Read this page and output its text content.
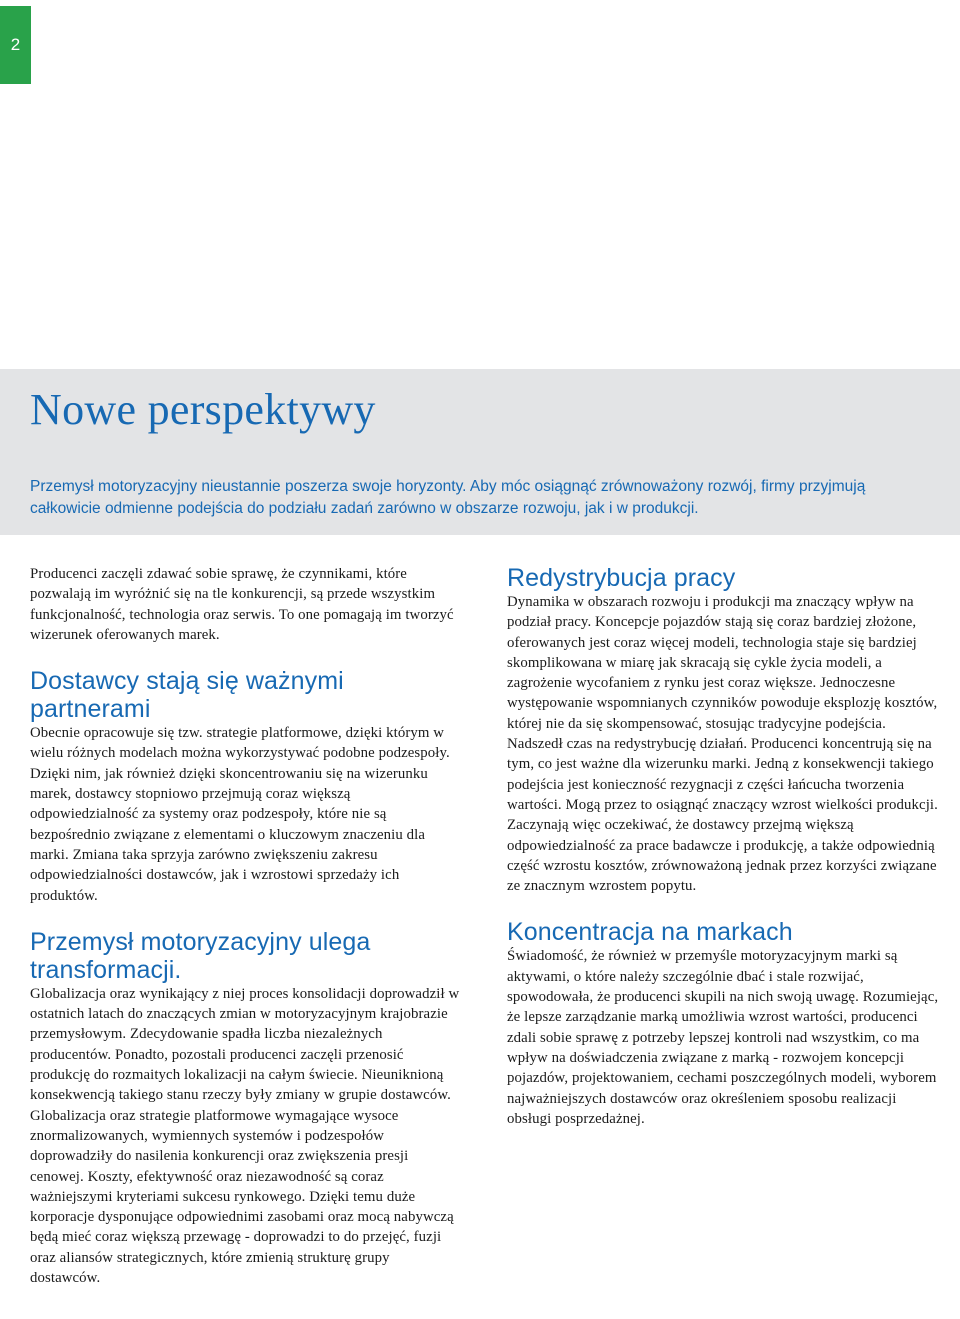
2
Nowe perspektywy

Przemysł motoryzacyjny nieustannie poszerza swoje horyzonty. Aby móc osiągnąć zrównoważony rozwój, firmy przyjmują całkowicie odmienne podejścia do podziału zadań zarówno w obszarze rozwoju, jak i w produkcji.

Producenci zaczęli zdawać sobie sprawę, że czynnikami, które pozwalają im wyróżnić się na tle konkurencji, są przede wszystkim funkcjonalność, technologia oraz serwis. To one pomagają im tworzyć wizerunek oferowanych marek.

Dostawcy stają się ważnymi partnerami

Obecnie opracowuje się tzw. strategie platformowe, dzięki którym w wielu różnych modelach można wykorzystywać podobne podzespoły. Dzięki nim, jak również dzięki skoncentrowaniu się na wizerunku marek, dostawcy stopniowo przejmują coraz większą odpowiedzialność za systemy oraz podzespoły, które nie są bezpośrednio związane z elementami o kluczowym znaczeniu dla marki. Zmiana taka sprzyja zarówno zwiększeniu zakresu odpowiedzialności dostawców, jak i wzrostowi sprzedaży ich produktów.

Przemysł motoryzacyjny ulega transformacji.

Globalizacja oraz wynikający z niej proces konsolidacji doprowadził w ostatnich latach do znaczących zmian w motoryzacyjnym krajobrazie przemysłowym. Zdecydowanie spadła liczba niezależnych producentów. Ponadto, pozostali producenci zaczęli przenosić produkcję do rozmaitych lokalizacji na całym świecie. Nieuniknioną konsekwencją takiego stanu rzeczy były zmiany w grupie dostawców. Globalizacja oraz strategie platformowe wymagające wysoce znormalizowanych, wymiennych systemów i podzespołów doprowadziły do nasilenia konkurencji oraz zwiększenia presji cenowej. Koszty, efektywność oraz niezawodność są coraz ważniejszymi kryteriami sukcesu rynkowego. Dzięki temu duże korporacje dysponujące odpowiednimi zasobami oraz mocą nabywczą będą mieć coraz większą przewagę - doprowadzi to do przejęć, fuzji oraz aliansów strategicznych, które zmienią strukturę grupy dostawców.

Redystrybucja pracy

Dynamika w obszarach rozwoju i produkcji ma znaczący wpływ na podział pracy. Koncepcje pojazdów stają się coraz bardziej złożone, oferowanych jest coraz więcej modeli, technologia staje się bardziej skomplikowana w miarę jak skracają się cykle życia modeli, a zagrożenie wycofaniem z rynku jest coraz większe. Jednoczesne występowanie wspomnianych czynników powoduje eksplozję kosztów, której nie da się skompensować, stosując tradycyjne podejścia. Nadszedł czas na redystrybucję działań. Producenci koncentrują się na tym, co jest ważne dla wizerunku marki. Jedną z konsekwencji takiego podejścia jest konieczność rezygnacji z części łańcucha tworzenia wartości. Mogą przez to osiągnąć znaczący wzrost wielkości produkcji. Zaczynają więc oczekiwać, że dostawcy przejmą większą odpowiedzialność za prace badawcze i produkcję, a także odpowiednią część wzrostu kosztów, zrównoważoną jednak przez korzyści związane ze znacznym wzrostem popytu.

Koncentracja na markach

Świadomość, że również w przemyśle motoryzacyjnym marki są aktywami, o które należy szczególnie dbać i stale rozwijać, spowodowała, że producenci skupili na nich swoją uwagę. Rozumiejąc, że lepsze zarządzanie marką umożliwia wzrost wartości, producenci zdali sobie sprawę z potrzeby lepszej kontroli nad wszystkim, co ma wpływ na doświadczenia związane z marką - rozwojem koncepcji pojazdów, projektowaniem, cechami poszczególnych modeli, wyborem najważniejszych dostawców oraz określeniem sposobu realizacji obsługi posprzedażnej.
